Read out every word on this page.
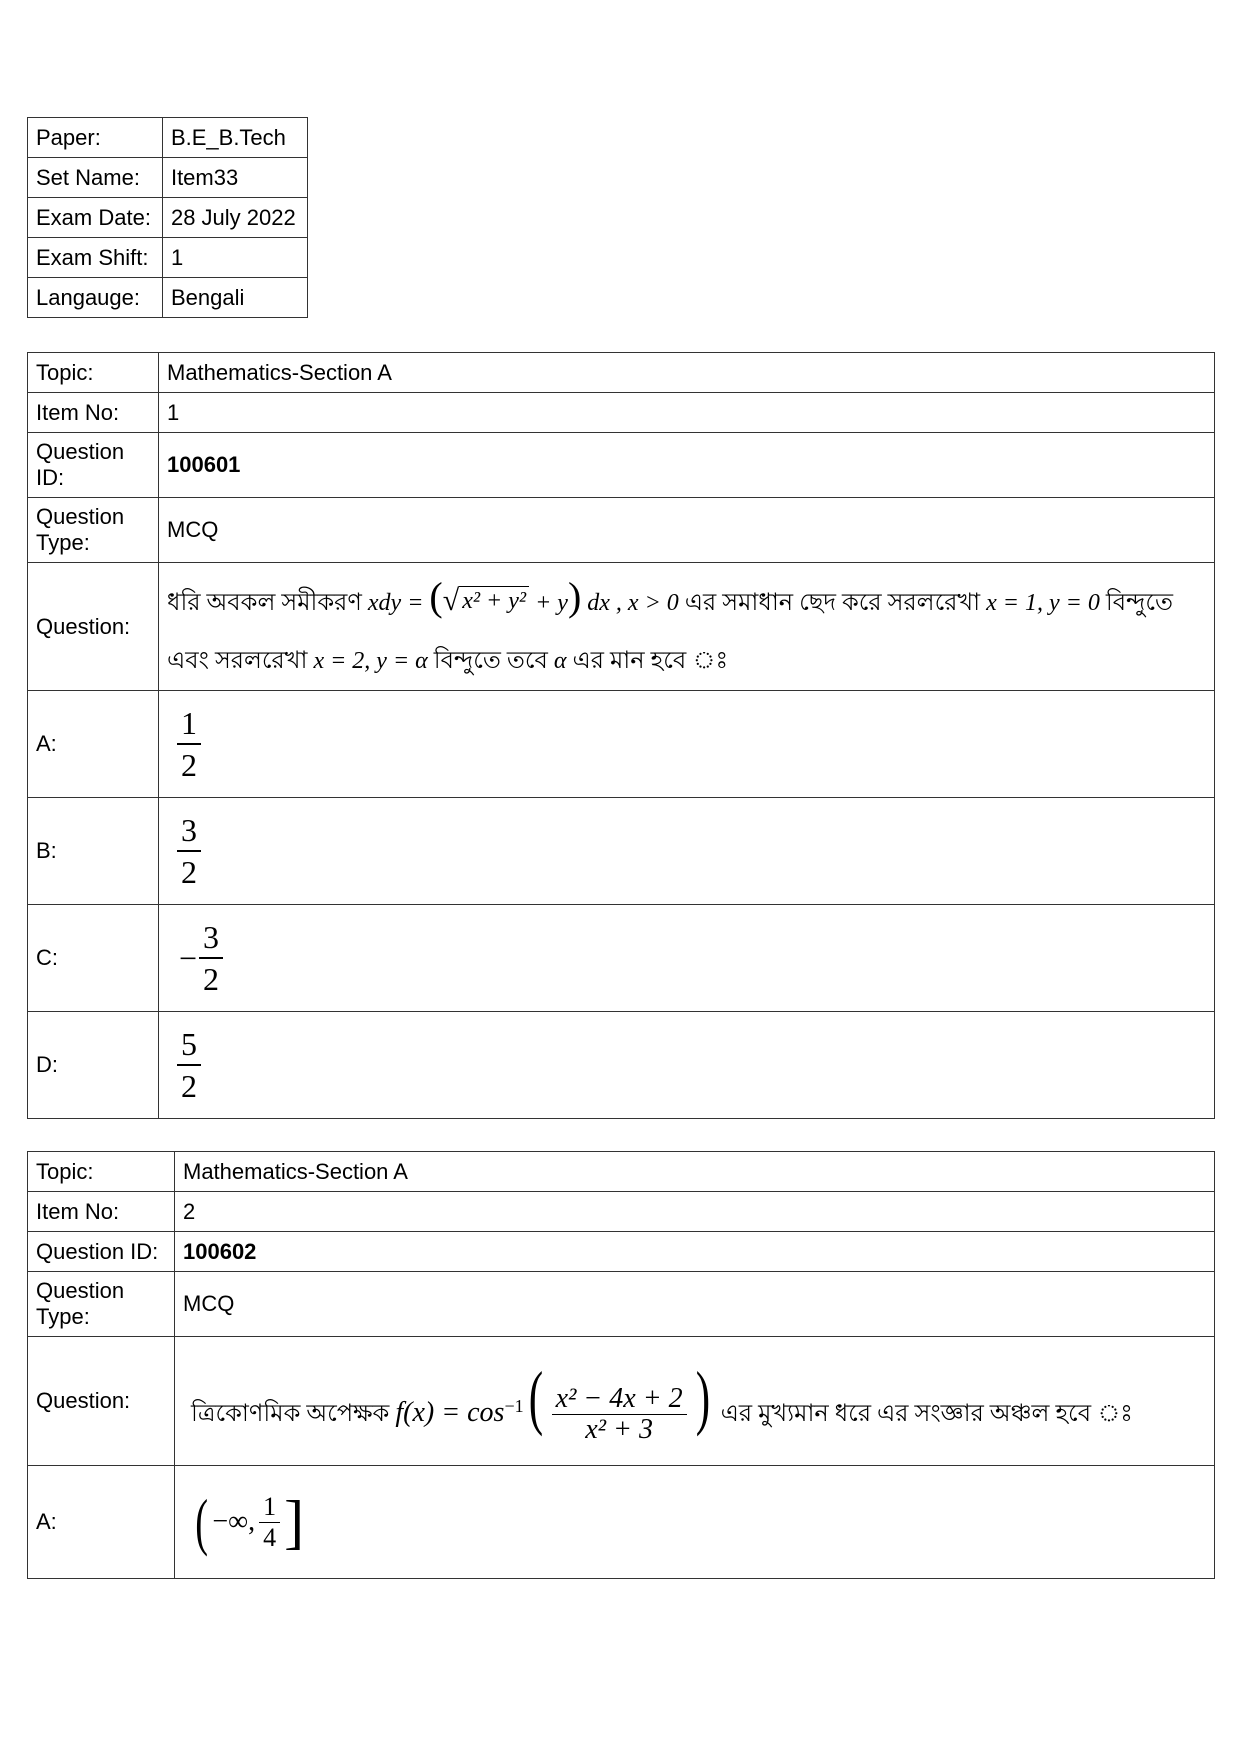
Paper:	B.E_B.Tech
Set Name:	Item33
Exam Date:	28 July 2022
Exam Shift:	1
Langauge:	Bengali
Topic:	Mathematics-Section A
Item No:	1
Question
ID:	100601
Question
Type:	MCQ
Question:	ধরি অবকল সমীকরণ xdy = ( √ x² + y² + y) dx , x > 0 এর সমাধান ছেদ করে সরলরেখা x = 1, y = 0 বিন্দুতে
এবং সরলরেখা x = 2, y = α বিন্দুতে তবে α এর মান হবে ঃ
A:	$\frac{1}{2}$

B:	$\frac{3}{2}$

C:	− $\frac{3}{2}$

D:	$\frac{5}{2}$
Topic:	Mathematics-Section A
Item No:	2
Question ID:	100602
Question
Type:	MCQ
Question:	ত্রিকোণমিক অপেক্ষক $f(x) = \cos^{-1}( \frac{\text{x² − 4x + 2}}{\text{x² + 3}}$ ) এর মুখ্যমান ধরে এর সংজ্ঞার অঞ্চল হবে ঃ
A:	( −∞, $\frac{1}{4}$ ]
